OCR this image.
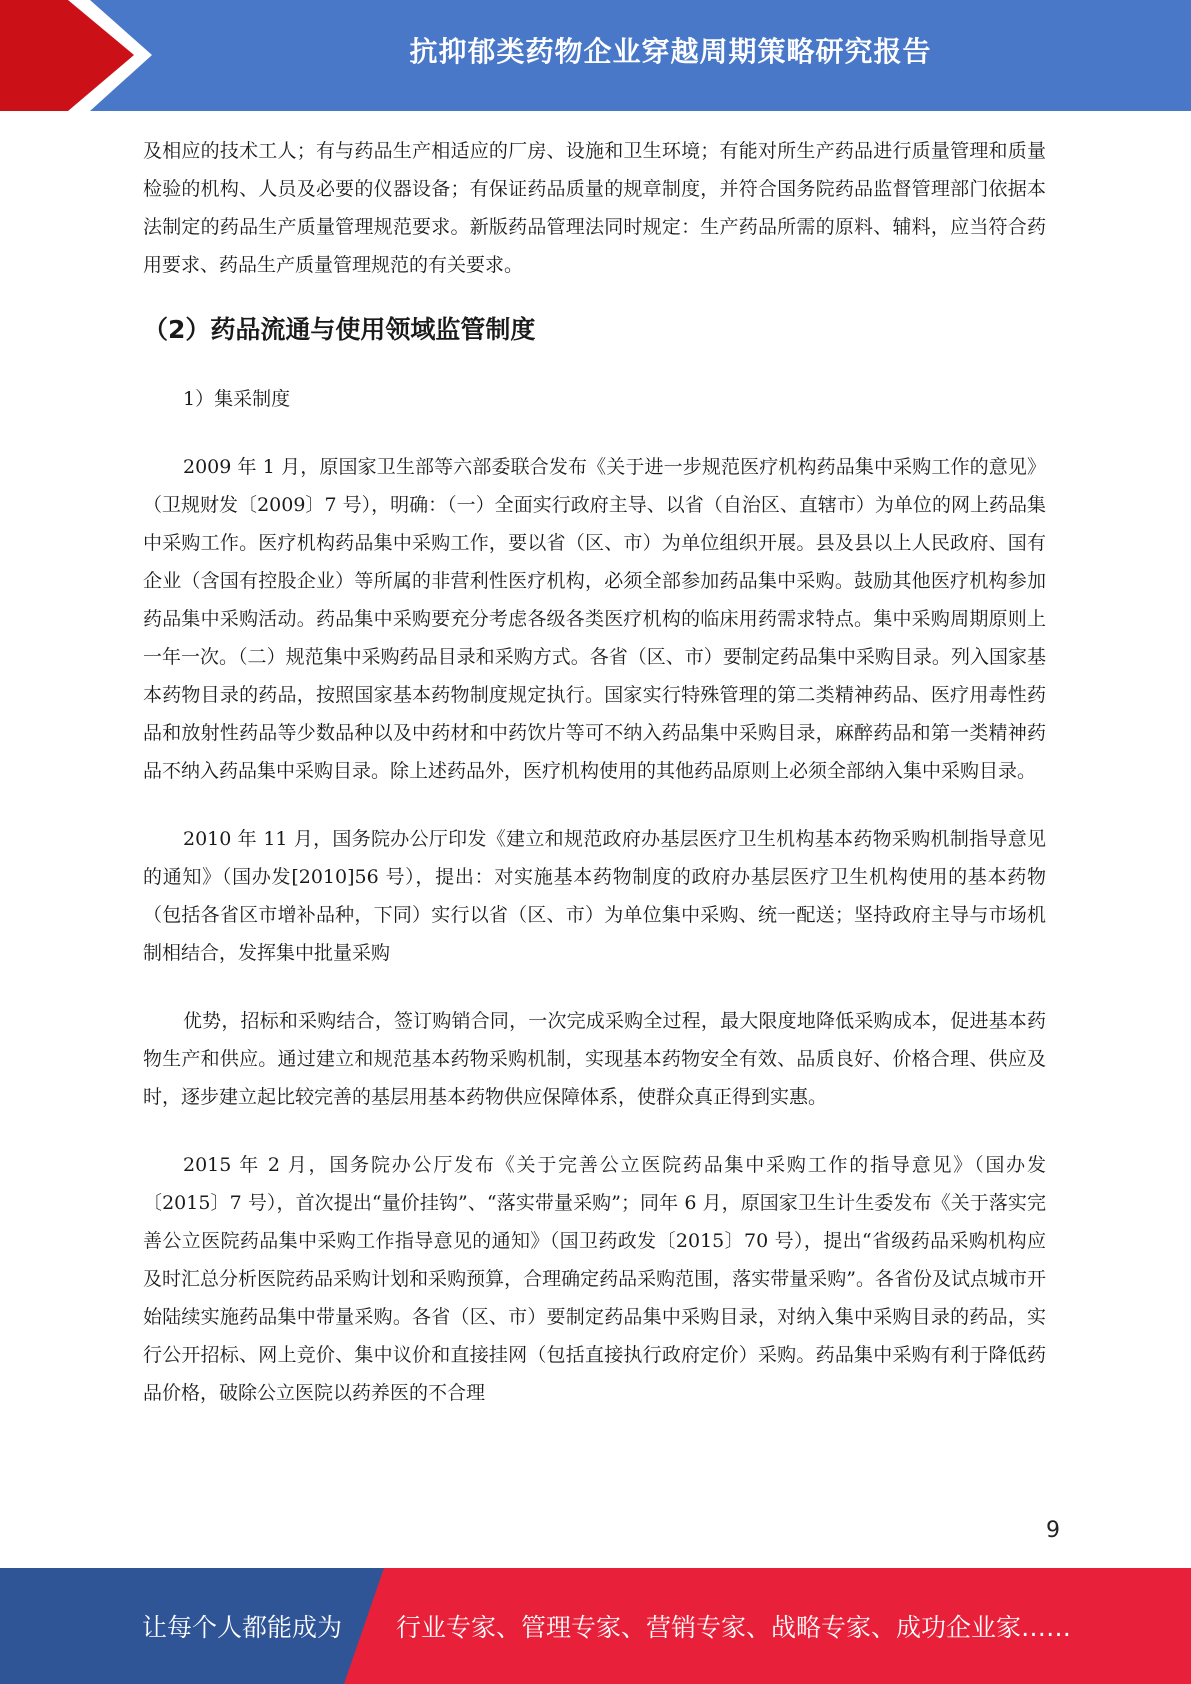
抗抑郁类药物企业穿越周期策略研究报告

及相应的技术工人；有与药品生产相适应的厂房、设施和卫生环境；有能对所生产药品进行质量管理和质量检验的机构、人员及必要的仪器设备；有保证药品质量的规章制度，并符合国务院药品监督管理部门依据本法制定的药品生产质量管理规范要求。新版药品管理法同时规定：生产药品所需的原料、辅料，应当符合药用要求、药品生产质量管理规范的有关要求。

（2）药品流通与使用领域监管制度

1）集采制度

2009 年 1 月，原国家卫生部等六部委联合发布《关于进一步规范医疗机构药品集中采购工作的意见》（卫规财发〔2009〕7 号），明确：（一）全面实行政府主导、以省（自治区、直辖市）为单位的网上药品集中采购工作。医疗机构药品集中采购工作，要以省（区、市）为单位组织开展。县及县以上人民政府、国有企业（含国有控股企业）等所属的非营利性医疗机构，必须全部参加药品集中采购。鼓励其他医疗机构参加药品集中采购活动。药品集中采购要充分考虑各级各类医疗机构的临床用药需求特点。集中采购周期原则上一年一次。（二）规范集中采购药品目录和采购方式。各省（区、市）要制定药品集中采购目录。列入国家基本药物目录的药品，按照国家基本药物制度规定执行。国家实行特殊管理的第二类精神药品、医疗用毒性药品和放射性药品等少数品种以及中药材和中药饮片等可不纳入药品集中采购目录，麻醉药品和第一类精神药品不纳入药品集中采购目录。除上述药品外，医疗机构使用的其他药品原则上必须全部纳入集中采购目录。

2010 年 11 月，国务院办公厅印发《建立和规范政府办基层医疗卫生机构基本药物采购机制指导意见的通知》（国办发[2010]56 号），提出：对实施基本药物制度的政府办基层医疗卫生机构使用的基本药物（包括各省区市增补品种，下同）实行以省（区、市）为单位集中采购、统一配送；坚持政府主导与市场机制相结合，发挥集中批量采购

优势，招标和采购结合，签订购销合同，一次完成采购全过程，最大限度地降低采购成本，促进基本药物生产和供应。通过建立和规范基本药物采购机制，实现基本药物安全有效、品质良好、价格合理、供应及时，逐步建立起比较完善的基层用基本药物供应保障体系，使群众真正得到实惠。

2015 年 2 月，国务院办公厅发布《关于完善公立医院药品集中采购工作的指导意见》（国办发〔2015〕7 号），首次提出“量价挂钩”、“落实带量采购”；同年 6 月，原国家卫生计生委发布《关于落实完善公立医院药品集中采购工作指导意见的通知》（国卫药政发〔2015〕70 号），提出“省级药品采购机构应及时汇总分析医院药品采购计划和采购预算，合理确定药品采购范围，落实带量采购”。各省份及试点城市开始陆续实施药品集中带量采购。各省（区、市）要制定药品集中采购目录，对纳入集中采购目录的药品，实行公开招标、网上竞价、集中议价和直接挂网（包括直接执行政府定价）采购。药品集中采购有利于降低药品价格，破除公立医院以药养医的不合理

9
让每个人都能成为 行业专家、管理专家、营销专家、战略专家、成功企业家……
